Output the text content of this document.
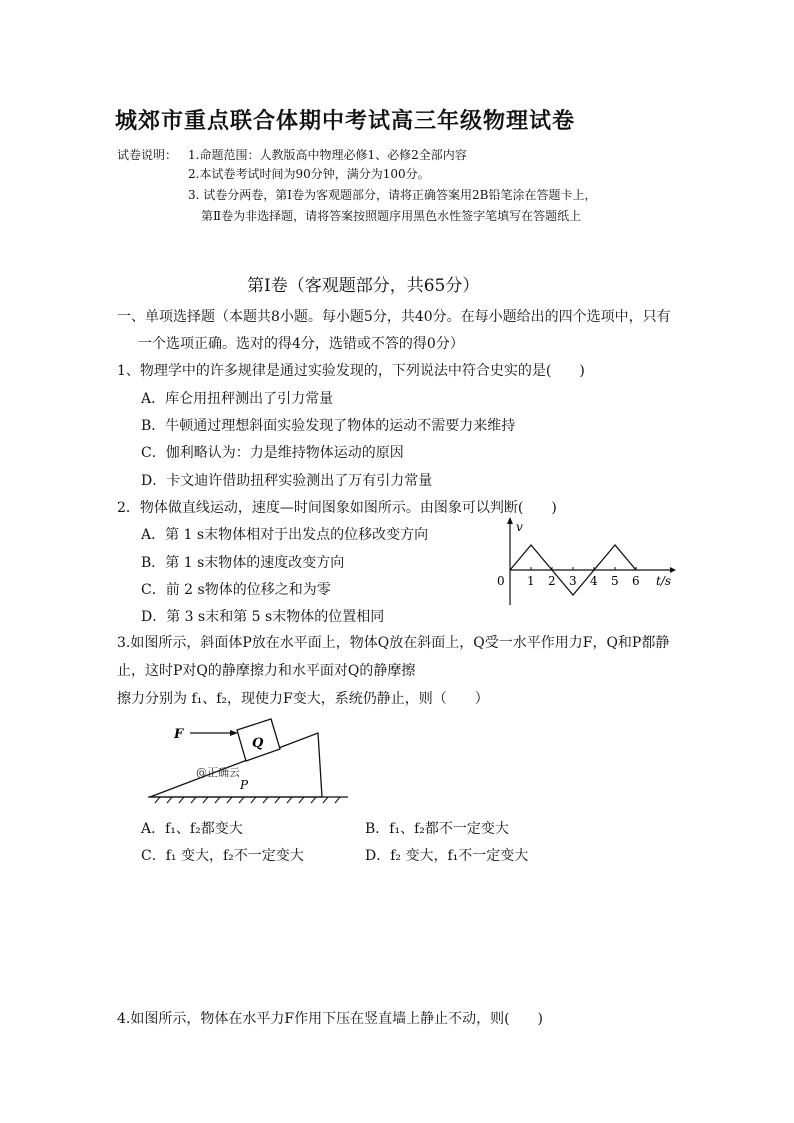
城郊市重点联合体期中考试高三年级物理试卷
试卷说明： 1.命题范围：人教版高中物理必修1、必修2全部内容
2.本试卷考试时间为90分钟，满分为100分。
3. 试卷分两卷，第Ⅰ卷为客观题部分，请将正确答案用2B铅笔涂在答题卡上，
第Ⅱ卷为非选择题，请将答案按照题序用黑色水性签字笔填写在答题纸上
第Ⅰ卷（客观题部分，共65分）
一、单项选择题（本题共8小题。每小题5分，共40分。在每小题给出的四个选项中，只有
一个选项正确。选对的得4分，选错或不答的得0分）
1、物理学中的许多规律是通过实验发现的，下列说法中符合史实的是(　　)
A．库仑用扭秤测出了引力常量
B．牛顿通过理想斜面实验发现了物体的运动不需要力来维持
C．伽利略认为：力是维持物体运动的原因
D．卡文迪许借助扭秤实验测出了万有引力常量
2．物体做直线运动，速度—时间图象如图所示。由图象可以判断(　　)
A．第 1 s末物体相对于出发点的位移改变方向
B．第 1 s末物体的速度改变方向
C．前 2 s物体的位移之和为零
D．第 3 s末和第 5 s末物体的位置相同
v
0 1 2 3 4 5 6 t/s
3.如图所示，斜面体P放在水平面上，物体Q放在斜面上，Q受一水平作用力F，Q和P都静
止，这时P对Q的静摩擦力和水平面对Q的静摩擦
擦力分别为 f₁、f₂，现使力F变大，系统仍静止，则（　　）
Q
F
P
@正确云
A．f₁、f₂都变大	B．f₁、f₂都不一定变大
C．f₁ 变大，f₂不一定变大	D．f₂ 变大，f₁不一定变大
4.如图所示，物体在水平力F作用下压在竖直墙上静止不动，则(　　)
